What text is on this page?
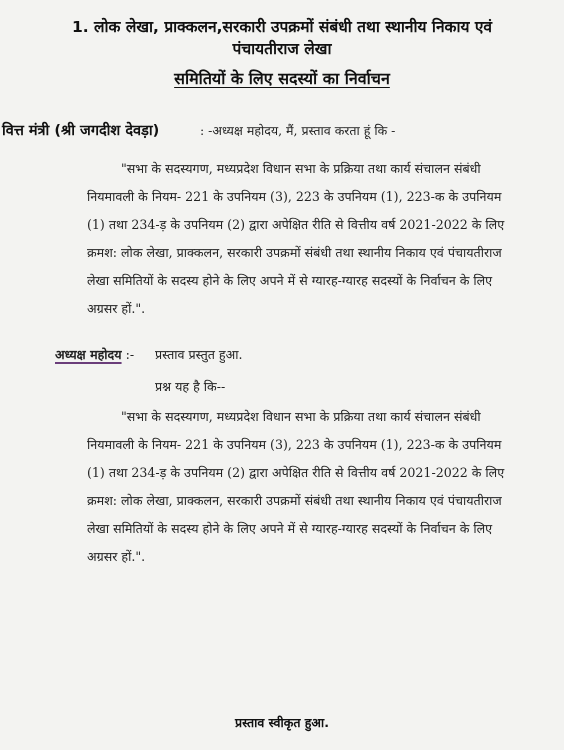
1. लोक लेखा, प्राक्कलन,सरकारी उपक्रमों संबंधी तथा स्थानीय निकाय एवं
पंचायतीराज लेखा
समितियों के लिए सदस्यों का निर्वाचन
वित्त मंत्री (श्री जगदीश देवड़ा)	: -अध्यक्ष महोदय, मैं, प्रस्ताव करता हूं कि -
"सभा के सदस्यगण, मध्यप्रदेश विधान सभा के प्रक्रिया तथा कार्य संचालन संबंधी
नियमावली के नियम- 221 के उपनियम (3), 223 के उपनियम (1), 223-क के उपनियम
(1) तथा 234-ड़ के उपनियम (2) द्वारा अपेक्षित रीति से वित्तीय वर्ष 2021-2022 के लिए
क्रमश: लोक लेखा, प्राक्कलन, सरकारी उपक्रमों संबंधी तथा स्थानीय निकाय एवं पंचायतीराज
लेखा समितियों के सदस्य होने के लिए अपने में से ग्यारह-ग्यारह सदस्यों के निर्वाचन के लिए
अग्रसर हों.".
अध्यक्ष महोदय :- प्रस्ताव प्रस्तुत हुआ.
प्रश्न यह है कि--
"सभा के सदस्यगण, मध्यप्रदेश विधान सभा के प्रक्रिया तथा कार्य संचालन संबंधी
नियमावली के नियम- 221 के उपनियम (3), 223 के उपनियम (1), 223-क के उपनियम
(1) तथा 234-ड़ के उपनियम (2) द्वारा अपेक्षित रीति से वित्तीय वर्ष 2021-2022 के लिए
क्रमश: लोक लेखा, प्राक्कलन, सरकारी उपक्रमों संबंधी तथा स्थानीय निकाय एवं पंचायतीराज
लेखा समितियों के सदस्य होने के लिए अपने में से ग्यारह-ग्यारह सदस्यों के निर्वाचन के लिए
अग्रसर हों.".
प्रस्ताव स्वीकृत हुआ.
